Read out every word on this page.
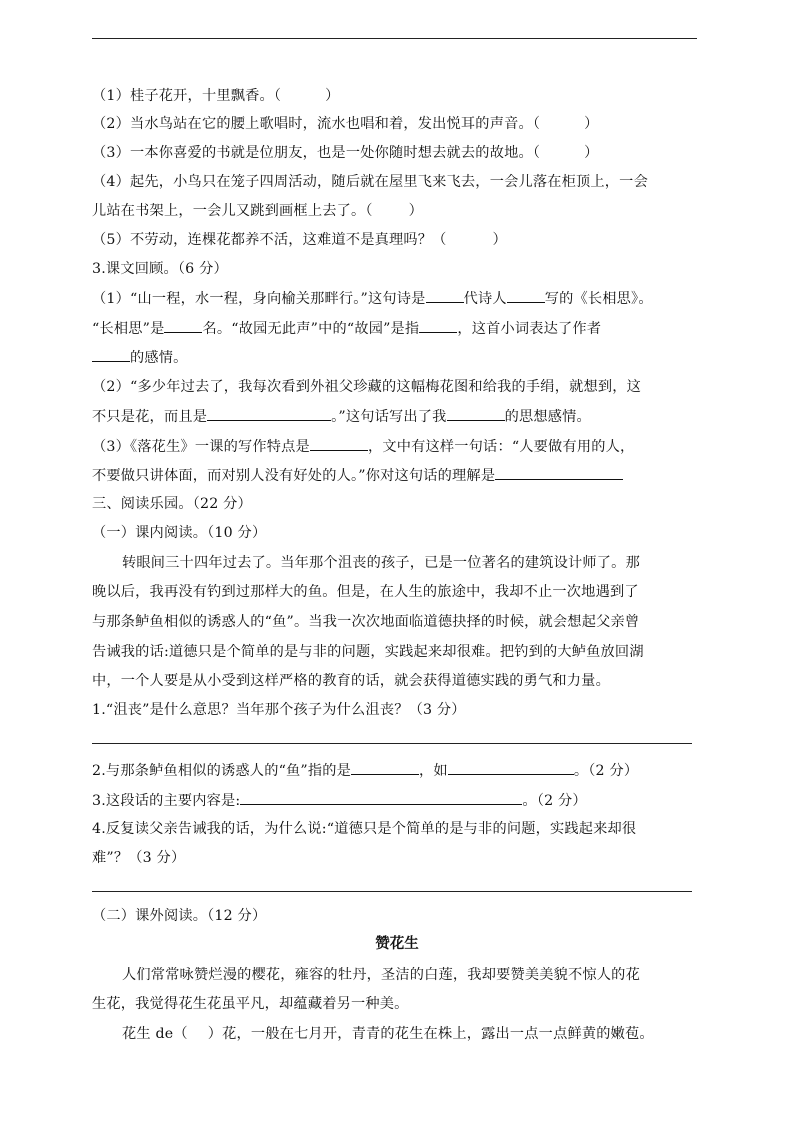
（1）桂子花开，十里飘香。（	）
（2）当水鸟站在它的腰上歌唱时，流水也唱和着，发出悦耳的声音。（	）
（3）一本你喜爱的书就是位朋友，也是一处你随时想去就去的故地。（	）
（4）起先，小鸟只在笼子四周活动，随后就在屋里飞来飞去，一会儿落在柜顶上，一会
儿站在书架上，一会儿又跳到画框上去了。（	）
（5）不劳动，连棵花都养不活，这难道不是真理吗？（	）
3.课文回顾。（6 分）
（1）“山一程，水一程，身向榆关那畔行。”这句诗是	代诗人	写的《长相思》。
“长相思”是	名。“故园无此声”中的“故园”是指	，这首小词表达了作者
的感情。
（2）“多少年过去了，我每次看到外祖父珍藏的这幅梅花图和给我的手绢，就想到，这
不只是花，而且是	。”这句话写出了我	的思想感情。
（3）《落花生》一课的写作特点是	，文中有这样一句话：“人要做有用的人，
不要做只讲体面，而对别人没有好处的人。”你对这句话的理解是
三、阅读乐园。（22 分）
（一）课内阅读。（10 分）
转眼间三十四年过去了。当年那个沮丧的孩子，已是一位著名的建筑设计师了。那
晚以后，我再没有钓到过那样大的鱼。但是，在人生的旅途中，我却不止一次地遇到了
与那条鲈鱼相似的诱惑人的“鱼”。当我一次次地面临道德抉择的时候，就会想起父亲曾
告诫我的话:道德只是个简单的是与非的问题，实践起来却很难。把钓到的大鲈鱼放回湖
中，一个人要是从小受到这样严格的教育的话，就会获得道德实践的勇气和力量。
1.“沮丧”是什么意思？当年那个孩子为什么沮丧？（3 分）
2.与那条鲈鱼相似的诱惑人的“鱼”指的是	，如	。（2 分）
3.这段话的主要内容是:	。（2 分）
4.反复读父亲告诫我的话，为什么说:“道德只是个简单的是与非的问题，实践起来却很
难”？（3 分）
（二）课外阅读。（12 分）
赞花生
人们常常咏赞烂漫的樱花，雍容的牡丹，圣洁的白莲，我却要赞美美貌不惊人的花
生花，我觉得花生花虽平凡，却蕴藏着另一种美。
花生 de（ ）花，一般在七月开，青青的花生在株上，露出一点一点鲜黄的嫩苞。
